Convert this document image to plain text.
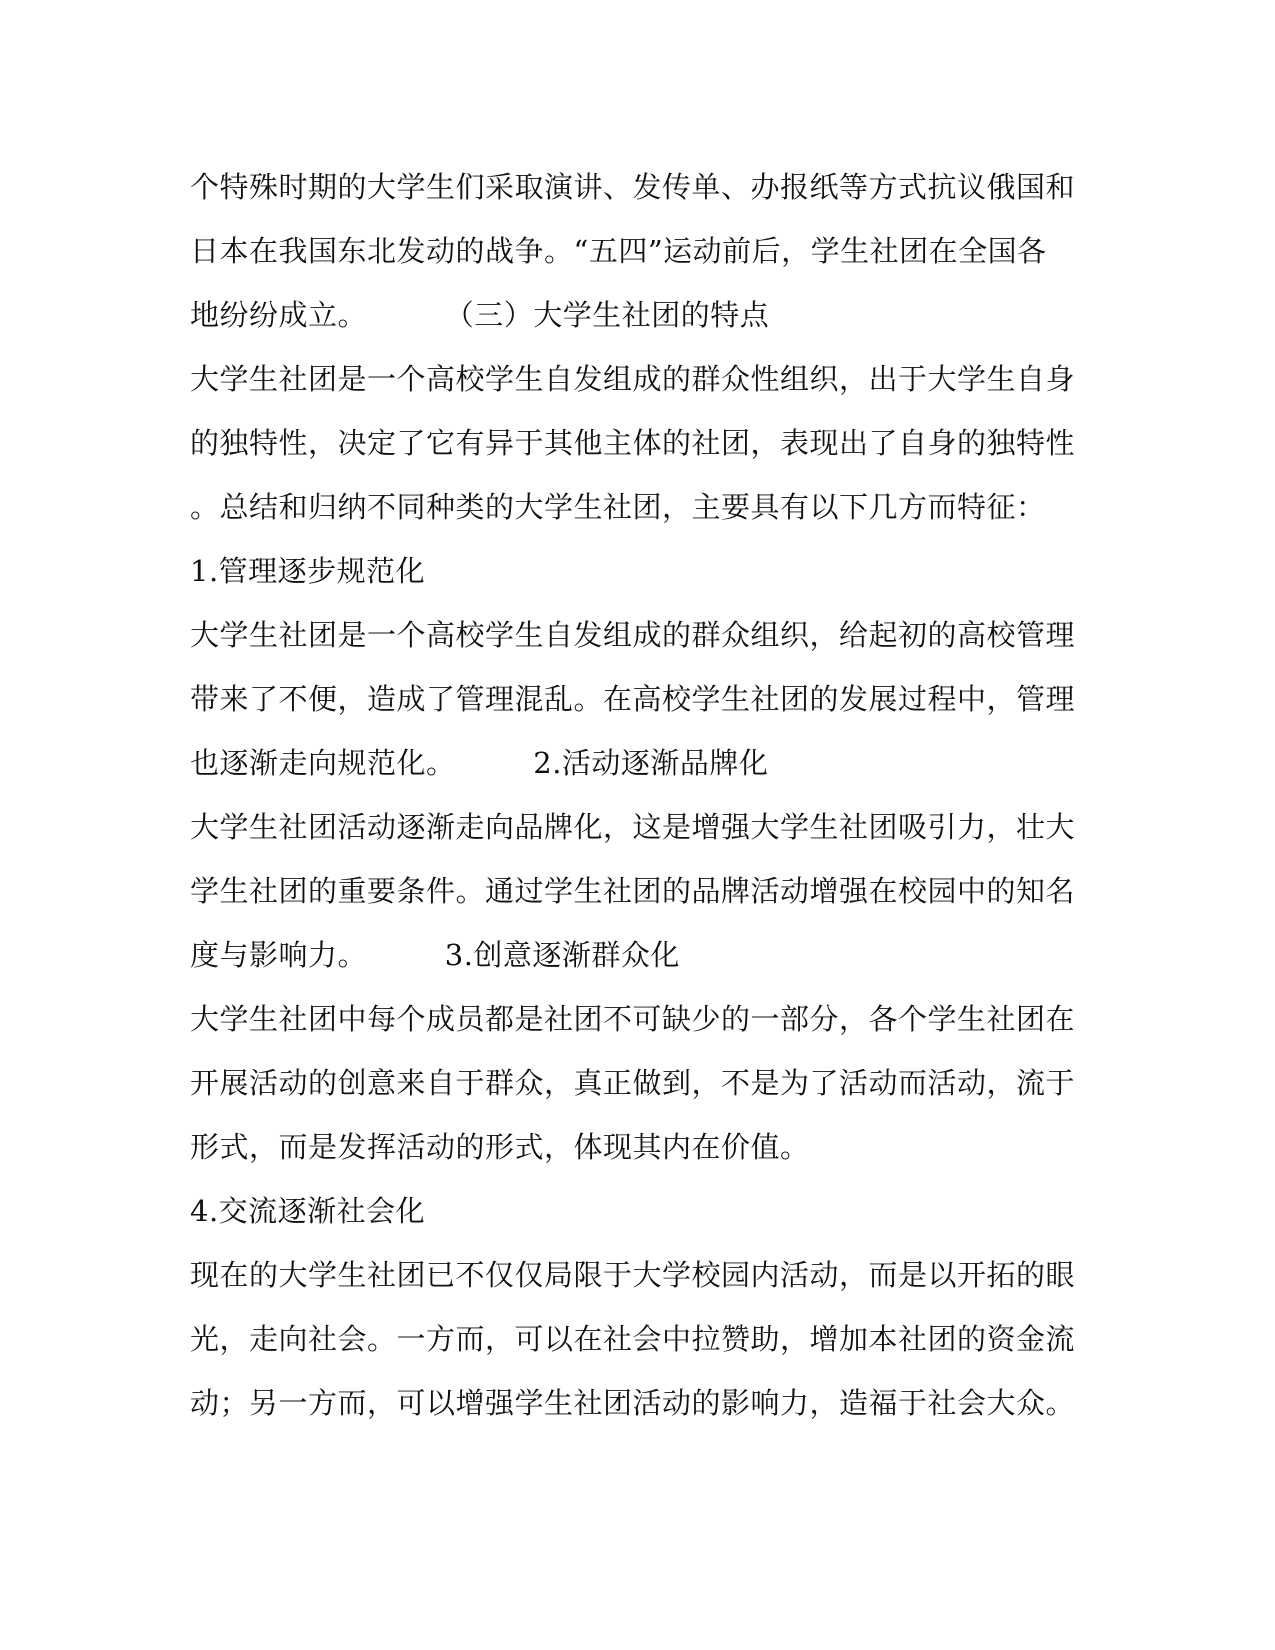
个特殊时期的大学生们采取演讲、发传单、办报纸等方式抗议俄国和
日本在我国东北发动的战争。“五四”运动前后，学生社团在全国各
地纷纷成立。        （三）大学生社团的特点
大学生社团是一个高校学生自发组成的群众性组织，出于大学生自身
的独特性，决定了它有异于其他主体的社团，表现出了自身的独特性
。总结和归纳不同种类的大学生社团，主要具有以下几方而特征：
1.管理逐步规范化
大学生社团是一个高校学生自发组成的群众组织，给起初的高校管理
带来了不便，造成了管理混乱。在高校学生社团的发展过程中，管理
也逐渐走向规范化。        2.活动逐渐品牌化
大学生社团活动逐渐走向品牌化，这是增强大学生社团吸引力，壮大
学生社团的重要条件。通过学生社团的品牌活动增强在校园中的知名
度与影响力。        3.创意逐渐群众化
大学生社团中每个成员都是社团不可缺少的一部分，各个学生社团在
开展活动的创意来自于群众，真正做到，不是为了活动而活动，流于
形式，而是发挥活动的形式，体现其内在价值。
4.交流逐渐社会化
现在的大学生社团已不仅仅局限于大学校园内活动，而是以开拓的眼
光，走向社会。一方而，可以在社会中拉赞助，增加本社团的资金流
动；另一方而，可以增强学生社团活动的影响力，造福于社会大众。
